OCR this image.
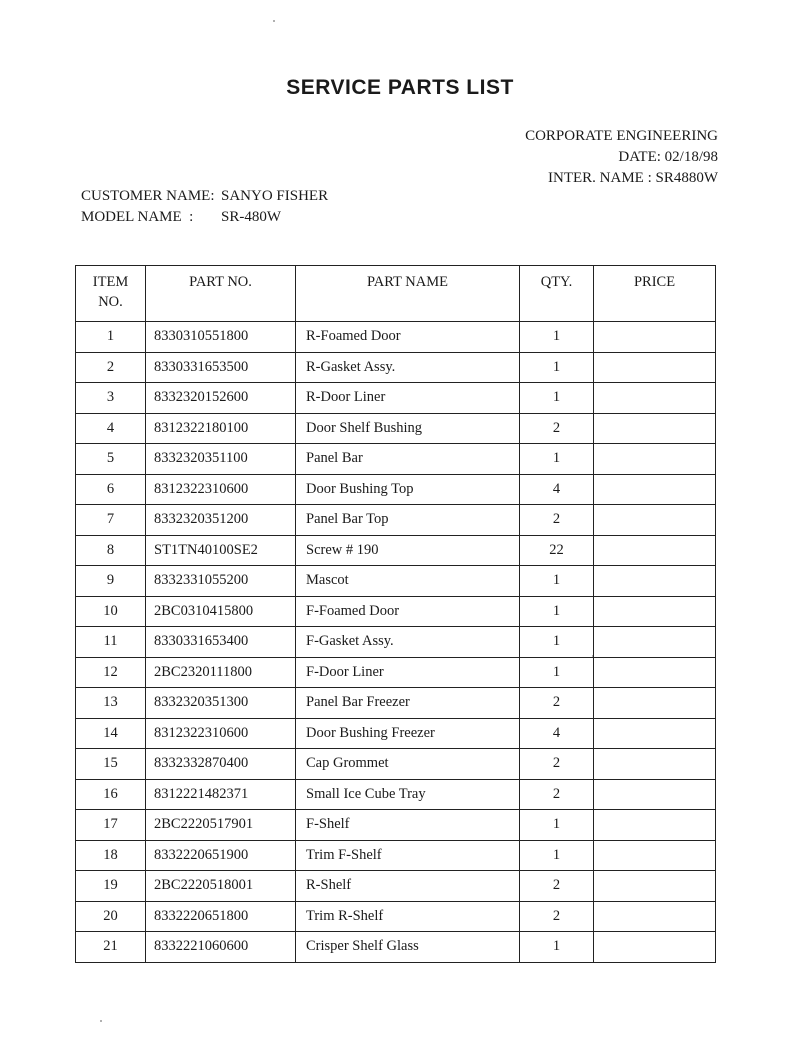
SERVICE PARTS LIST
CORPORATE ENGINEERING
DATE: 02/18/98
INTER. NAME : SR4880W
CUSTOMER NAME: SANYO FISHER
MODEL NAME  :	SR-480W
ITEM NO.	PART NO.	PART NAME	QTY.	PRICE
1	8330310551800	R-Foamed Door	1	
2	8330331653500	R-Gasket Assy.	1	
3	8332320152600	R-Door Liner	1	
4	8312322180100	Door Shelf Bushing	2	
5	8332320351100	Panel Bar	1	
6	8312322310600	Door Bushing Top	4	
7	8332320351200	Panel Bar Top	2	
8	ST1TN40100SE2	Screw # 190	22	
9	8332331055200	Mascot	1	
10	2BC0310415800	F-Foamed Door	1	
11	8330331653400	F-Gasket Assy.	1	
12	2BC2320111800	F-Door Liner	1	
13	8332320351300	Panel Bar Freezer	2	
14	8312322310600	Door Bushing Freezer	4	
15	8332332870400	Cap Grommet	2	
16	8312221482371	Small Ice Cube Tray	2	
17	2BC2220517901	F-Shelf	1	
18	8332220651900	Trim F-Shelf	1	
19	2BC2220518001	R-Shelf	2	
20	8332220651800	Trim R-Shelf	2	
21	8332221060600	Crisper Shelf Glass	1	
